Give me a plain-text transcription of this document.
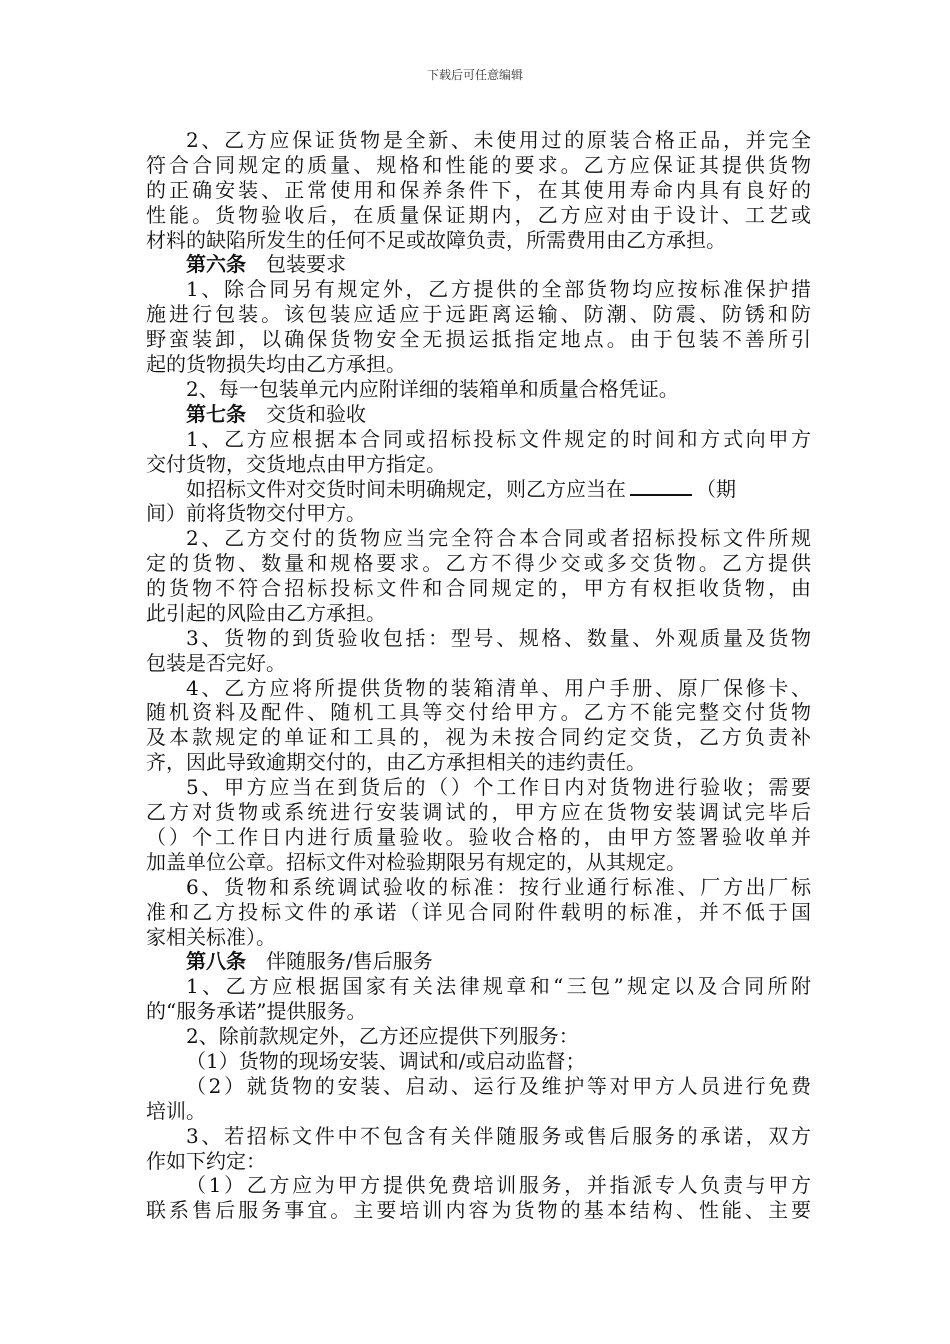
下载后可任意编辑
2、乙方应保证货物是全新、未使用过的原装合格正品，并完全
符合合同规定的质量、规格和性能的要求。乙方应保证其提供货物
的正确安装、正常使用和保养条件下，在其使用寿命内具有良好的
性能。货物验收后，在质量保证期内，乙方应对由于设计、工艺或
材料的缺陷所发生的任何不足或故障负责，所需费用由乙方承担。
第六条 包装要求
1、除合同另有规定外，乙方提供的全部货物均应按标准保护措
施进行包装。该包装应适应于远距离运输、防潮、防震、防锈和防
野蛮装卸，以确保货物安全无损运抵指定地点。由于包装不善所引
起的货物损失均由乙方承担。
2、每一包装单元内应附详细的装箱单和质量合格凭证。
第七条 交货和验收
1、乙方应根据本合同或招标投标文件规定的时间和方式向甲方
交付货物，交货地点由甲方指定。
如招标文件对交货时间未明确规定，则乙方应当在	（期
间）前将货物交付甲方。
2、乙方交付的货物应当完全符合本合同或者招标投标文件所规
定的货物、数量和规格要求。乙方不得少交或多交货物。乙方提供
的货物不符合招标投标文件和合同规定的，甲方有权拒收货物，由
此引起的风险由乙方承担。
3、货物的到货验收包括：型号、规格、数量、外观质量及货物
包装是否完好。
4、乙方应将所提供货物的装箱清单、用户手册、原厂保修卡、
随机资料及配件、随机工具等交付给甲方。乙方不能完整交付货物
及本款规定的单证和工具的，视为未按合同约定交货，乙方负责补
齐，因此导致逾期交付的，由乙方承担相关的违约责任。
5、甲方应当在到货后的（）个工作日内对货物进行验收；需要
乙方对货物或系统进行安装调试的，甲方应在货物安装调试完毕后
（）个工作日内进行质量验收。验收合格的，由甲方签署验收单并
加盖单位公章。招标文件对检验期限另有规定的，从其规定。
6、货物和系统调试验收的标准：按行业通行标准、厂方出厂标
准和乙方投标文件的承诺（详见合同附件载明的标准，并不低于国
家相关标准）。
第八条 伴随服务/售后服务
1、乙方应根据国家有关法律规章和“三包”规定以及合同所附
的“服务承诺”提供服务。
2、除前款规定外，乙方还应提供下列服务：
（1）货物的现场安装、调试和/或启动监督；
（2）就货物的安装、启动、运行及维护等对甲方人员进行免费
培训。
3、若招标文件中不包含有关伴随服务或售后服务的承诺，双方
作如下约定：
（1）乙方应为甲方提供免费培训服务，并指派专人负责与甲方
联系售后服务事宜。主要培训内容为货物的基本结构、性能、主要
